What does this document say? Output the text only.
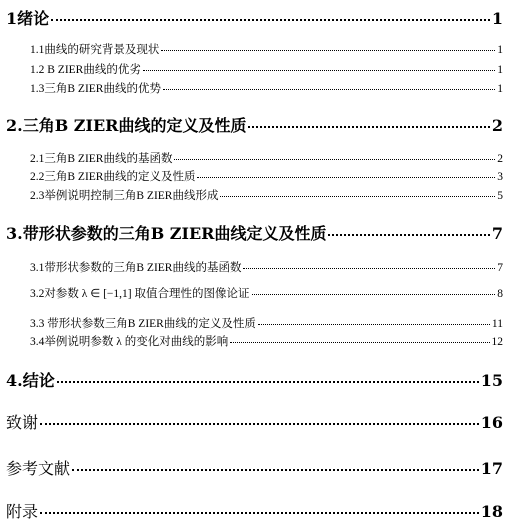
1绪论	1
1.1曲线的研究背景及现状	1
1.2 B ZIER曲线的优劣	1
1.3三角B ZIER曲线的优势	1
2.三角B ZIER曲线的定义及性质	2
2.1三角B ZIER曲线的基函数	2
2.2三角B ZIER曲线的定义及性质	3
2.3举例说明控制三角B ZIER曲线形成	5
3.带形状参数的三角B ZIER曲线定义及性质	7
3.1带形状参数的三角B ZIER曲线的基函数	7
3.2对参数 λ ∈ [−1,1] 取值合理性的图像论证	8
3.3 带形状参数三角B ZIER曲线的定义及性质	11
3.4举例说明参数 λ 的变化对曲线的影响	12
4.结论	15
致谢	16
参考文献	17
附录	18
